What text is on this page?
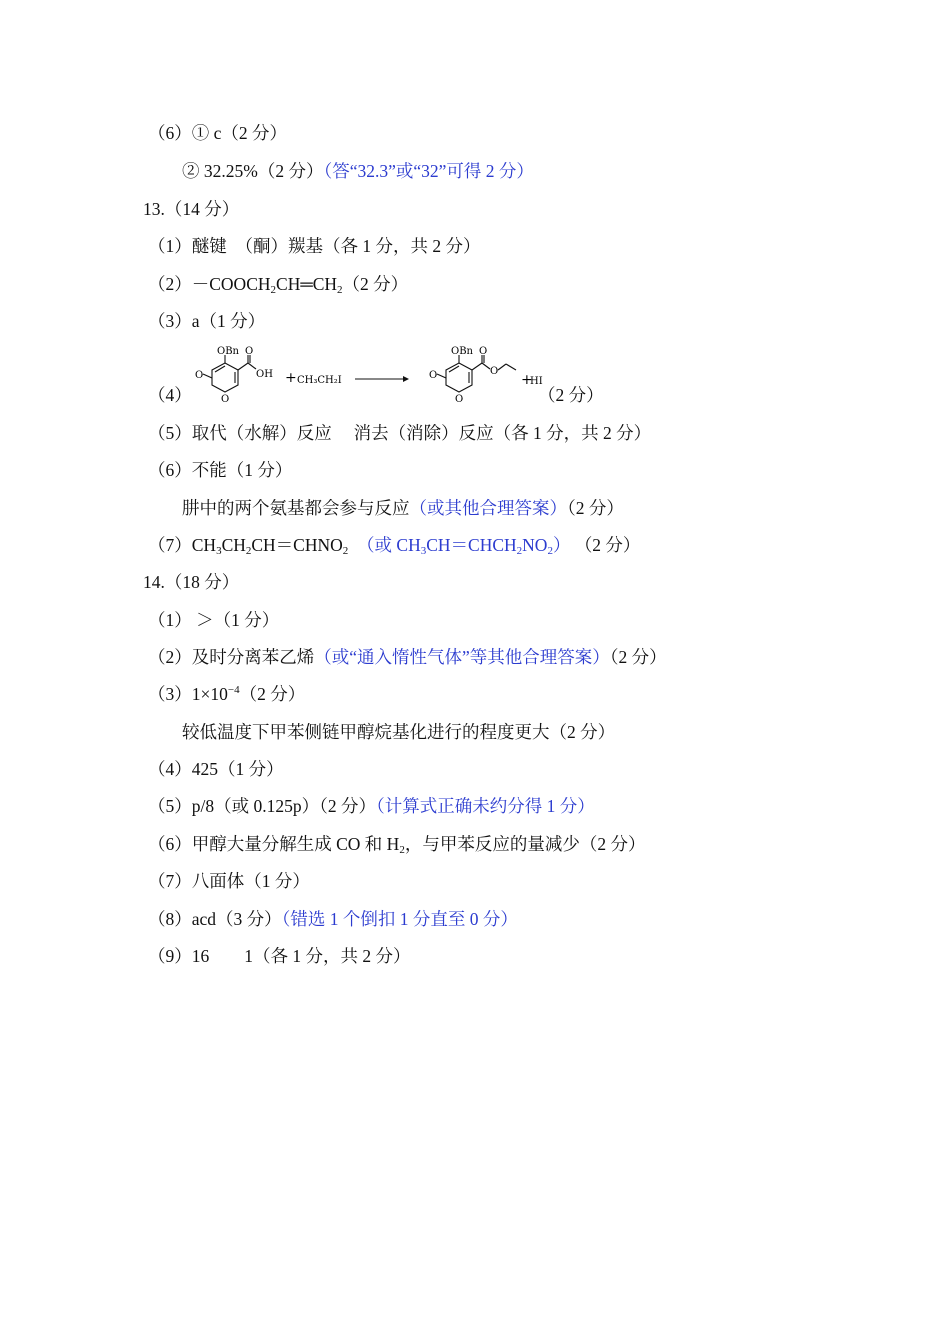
（6）① c（2 分）
② 32.25%（2 分）（答“32.3”或“32”可得 2 分）
13.（14 分）
（1）醚键　（酮）羰基（各 1 分，共 2 分）
$(2)-COOCH_2CH═CH_2(2$ 分）
（3）a（1 分）
（4）
OBn O
OH
O
O
+ CH₃CH₂I
OBn O
O
O
O
+
HI
（2 分）
（5）取代（水解）反应　 消去（消除）反应（各 1 分，共 2 分）
（6）不能（1 分）
肼中的两个氨基都会参与反应（或其他合理答案）（2 分）
$(7)CH_3CH_2CH=CHNO_2$ （或 $CH_3CH=CHCH_2NO_2$） （2 分）
14.（18 分）
（1） ＞（1 分）
（2）及时分离苯乙烯（或“通入惰性气体”等其他合理答案）（2 分）
$(3)1\times 10^{-4}(2$ 分）
较低温度下甲苯侧链甲醇烷基化进行的程度更大（2 分）
（4）425（1 分）
（5）p/8（或 0.125p）（2 分）（计算式正确未约分得 1 分）
（6）甲醇大量分解生成 CO 和 $H_2$，与甲苯反应的量减少（2 分）
（7）八面体（1 分）
（8）acd（3 分）（错选 1 个倒扣 1 分直至 0 分）
（9）16　　1（各 1 分，共 2 分）
